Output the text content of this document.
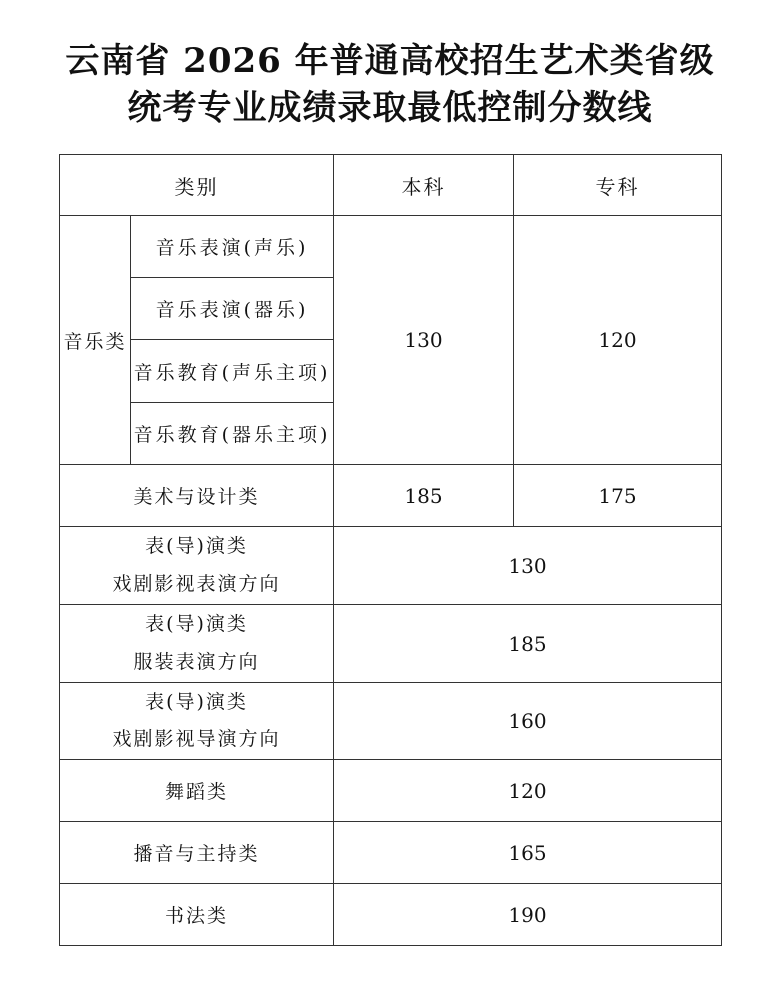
云南省 2026 年普通高校招生艺术类省级
统考专业成绩录取最低控制分数线
类别		本科	专科
音乐类	音乐表演(声乐)	130	120
	音乐表演(器乐)		
	音乐教育(声乐主项)		
	音乐教育(器乐主项)		
美术与设计类		185	175

表(导)演类
戏剧影视表演方向		130	

表(导)演类
服装表演方向		185	

表(导)演类
戏剧影视导演方向		160	
舞蹈类		120	
播音与主持类		165	
书法类		190	
